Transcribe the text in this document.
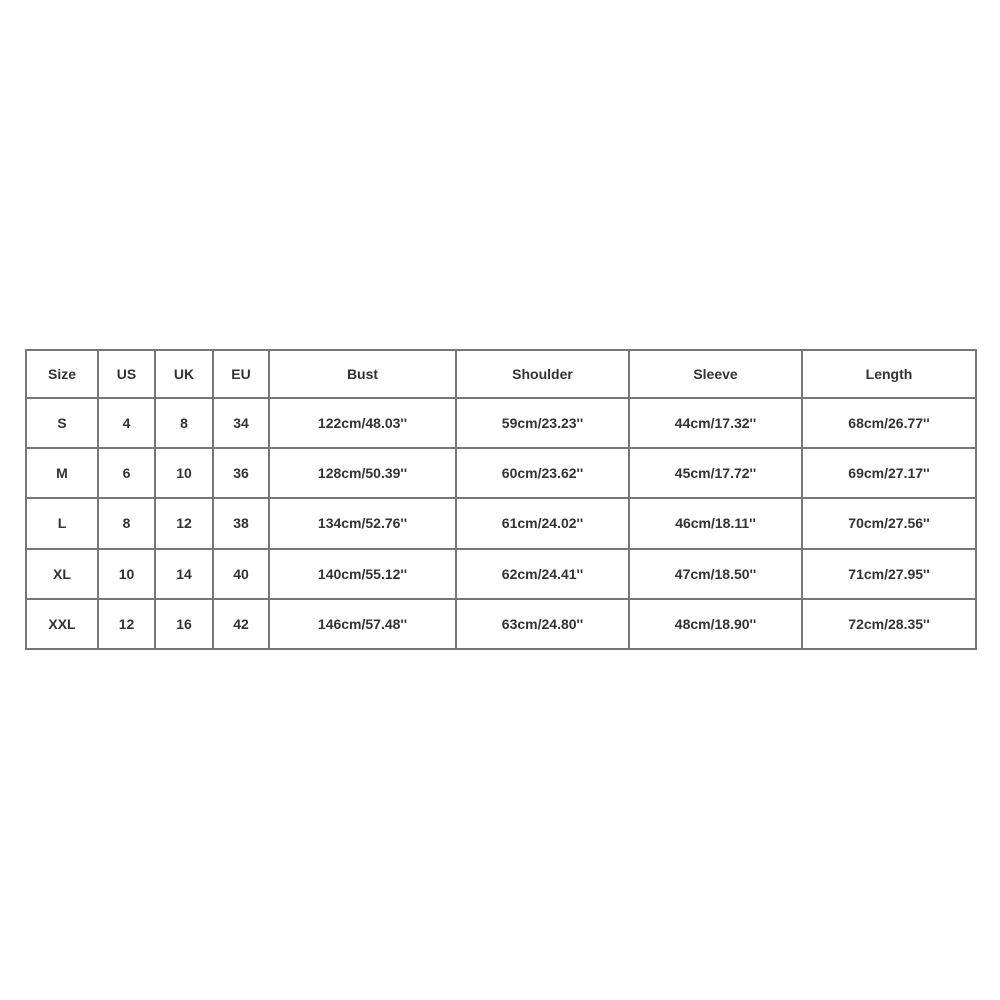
Size	US	UK	EU	Bust	Shoulder	Sleeve	Length
S	4	8	34	122cm/48.03''	59cm/23.23''	44cm/17.32''	68cm/26.77''
M	6	10	36	128cm/50.39''	60cm/23.62''	45cm/17.72''	69cm/27.17''
L	8	12	38	134cm/52.76''	61cm/24.02''	46cm/18.11''	70cm/27.56''
XL	10	14	40	140cm/55.12''	62cm/24.41''	47cm/18.50''	71cm/27.95''
XXL	12	16	42	146cm/57.48''	63cm/24.80''	48cm/18.90''	72cm/28.35''
